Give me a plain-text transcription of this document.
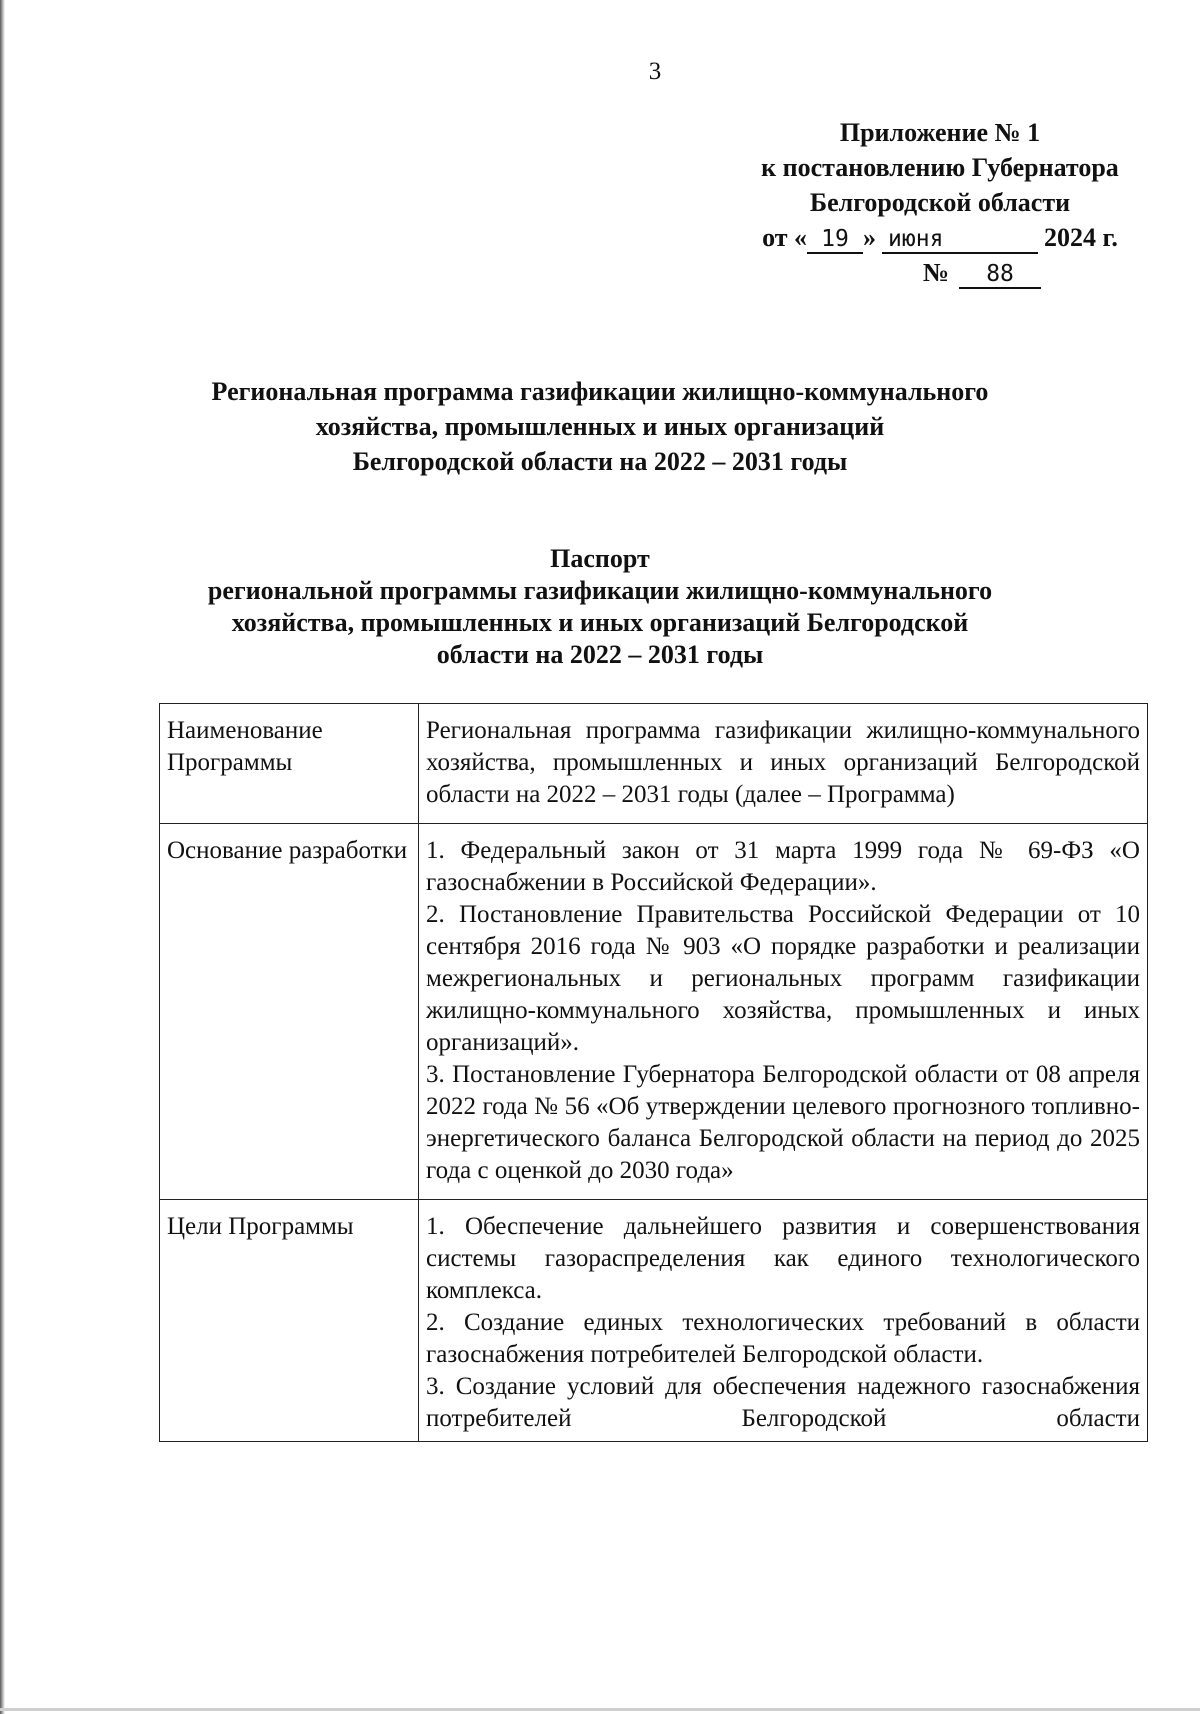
3
Приложение № 1
к постановлению Губернатора
Белгородской области
от « 19 » июня	2024 г.
№	88
Региональная программа газификации жилищно-коммунального
хозяйства, промышленных и иных организаций
Белгородской области на 2022 – 2031 годы
Паспорт
региональной программы газификации жилищно-коммунального
хозяйства, промышленных и иных организаций Белгородской
области на 2022 – 2031 годы
Наименование Программы	Региональная программа газификации жилищно-коммунального хозяйства, промышленных и иных организаций Белгородской области на 2022 – 2031 годы (далее – Программа)

Основание разработки	1. Федеральный закон от 31 марта 1999 года № 69-ФЗ «О газоснабжении в Российской Федерации».
2. Постановление Правительства Российской Федерации от 10 сентября 2016 года № 903 «О порядке разработки и реализации межрегиональных и региональных программ газификации жилищно-коммунального хозяйства, промышленных и иных организаций».
3. Постановление Губернатора Белгородской области от 08 апреля 2022 года № 56 «Об утверждении целевого прогнозного топливно-энергетического баланса Белгородской области на период до 2025 года с оценкой до 2030 года»

Цели Программы	1. Обеспечение дальнейшего развития и совершенствования системы газораспределения как единого технологического комплекса.
2. Создание единых технологических требований в области газоснабжения потребителей Белгородской области.
3. Создание условий для обеспечения надежного газоснабжения потребителей Белгородской области
